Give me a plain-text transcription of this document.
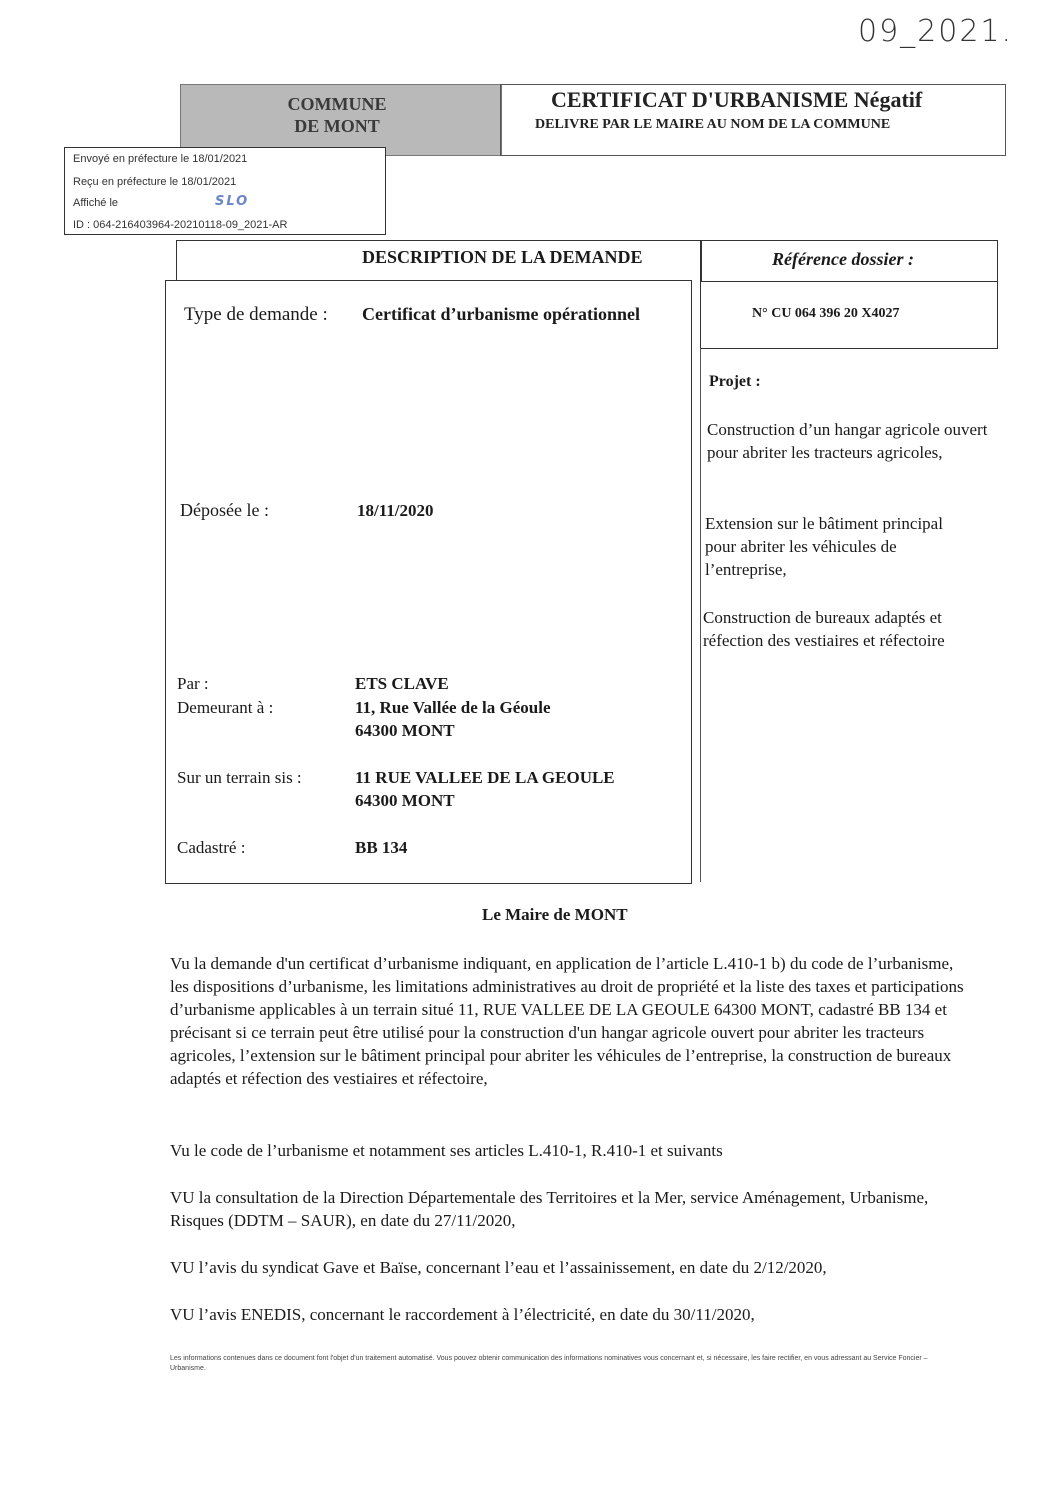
09_2021.
COMMUNE
DE MONT
CERTIFICAT D'URBANISME Négatif
DELIVRE PAR LE MAIRE AU NOM DE LA COMMUNE
Envoyé en préfecture le 18/01/2021
Reçu en préfecture le 18/01/2021
Affiché le	SLO
ID : 064-216403964-20210118-09_2021-AR
DESCRIPTION DE LA DEMANDE	Référence dossier :
Type de demande : Certificat d’urbanisme opérationnel	N° CU 064 396 20 X4027
Projet :
Construction d’un hangar agricole ouvert pour abriter les tracteurs agricoles,
Extension sur le bâtiment principal pour abriter les véhicules de l’entreprise,
Construction de bureaux adaptés et réfection des vestiaires et réfectoire
Déposée le :	18/11/2020
Par :	ETS CLAVE
Demeurant à :	11, Rue Vallée de la Géoule
64300 MONT
Sur un terrain sis :	11 RUE VALLEE DE LA GEOULE
64300 MONT
Cadastré :	BB 134
Le Maire de MONT
Vu la demande d'un certificat d’urbanisme indiquant, en application de l’article L.410-1 b) du code de l’urbanisme, les dispositions d’urbanisme, les limitations administratives au droit de propriété et la liste des taxes et participations d’urbanisme applicables à un terrain situé 11, RUE VALLEE DE LA GEOULE 64300 MONT, cadastré BB 134 et précisant si ce terrain peut être utilisé pour la construction d'un hangar agricole ouvert pour abriter les tracteurs agricoles, l’extension sur le bâtiment principal pour abriter les véhicules de l’entreprise, la construction de bureaux adaptés et réfection des vestiaires et réfectoire,
Vu le code de l’urbanisme et notamment ses articles L.410-1, R.410-1 et suivants
VU la consultation de la Direction Départementale des Territoires et la Mer, service Aménagement, Urbanisme, Risques (DDTM – SAUR), en date du 27/11/2020,
VU l’avis du syndicat Gave et Baïse, concernant l’eau et l’assainissement, en date du 2/12/2020,
VU l’avis ENEDIS, concernant le raccordement à l’électricité, en date du 30/11/2020,
Les informations contenues dans ce document font l'objet d'un traitement automatisé. Vous pouvez obtenir communication des informations nominatives vous concernant et, si nécessaire, les faire rectifier, en vous adressant au Service Foncier – Urbanisme.
